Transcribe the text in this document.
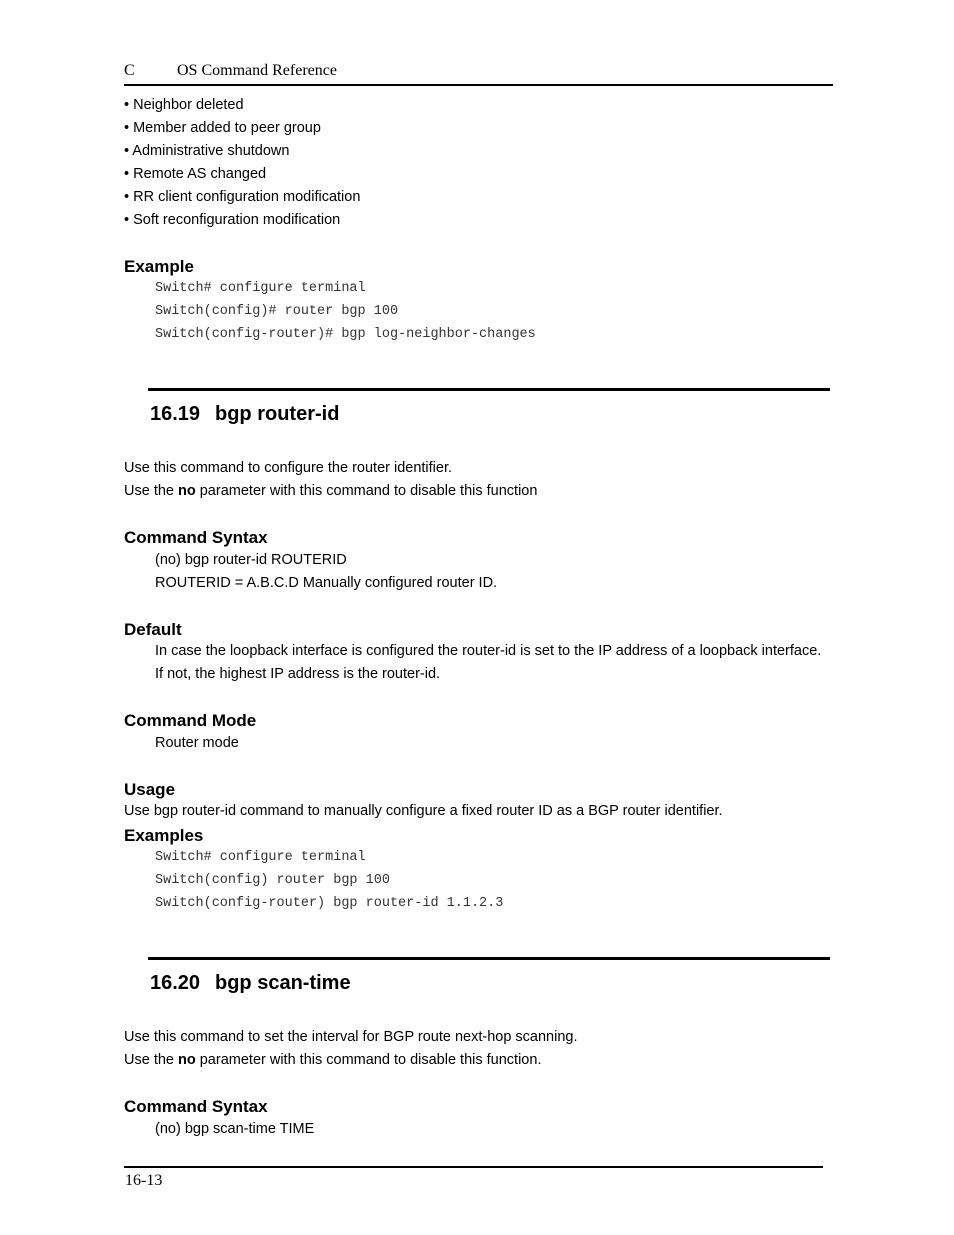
C	OS Command Reference
• Neighbor deleted
• Member added to peer group
• Administrative shutdown
• Remote AS changed
• RR client configuration modification
• Soft reconfiguration modification
Example
Switch# configure terminal
Switch(config)# router bgp 100
Switch(config-router)# bgp log-neighbor-changes
16.19 bgp router-id
Use this command to configure the router identifier.
Use the no parameter with this command to disable this function
Command Syntax
(no) bgp router-id ROUTERID
ROUTERID = A.B.C.D Manually configured router ID.
Default
In case the loopback interface is configured the router-id is set to the IP address of a loopback interface.
If not, the highest IP address is the router-id.
Command Mode
Router mode
Usage
Use bgp router-id command to manually configure a fixed router ID as a BGP router identifier.
Examples
Switch# configure terminal
Switch(config) router bgp 100
Switch(config-router) bgp router-id 1.1.2.3
16.20 bgp scan-time
Use this command to set the interval for BGP route next-hop scanning.
Use the no parameter with this command to disable this function.
Command Syntax
(no) bgp scan-time TIME
16-13
